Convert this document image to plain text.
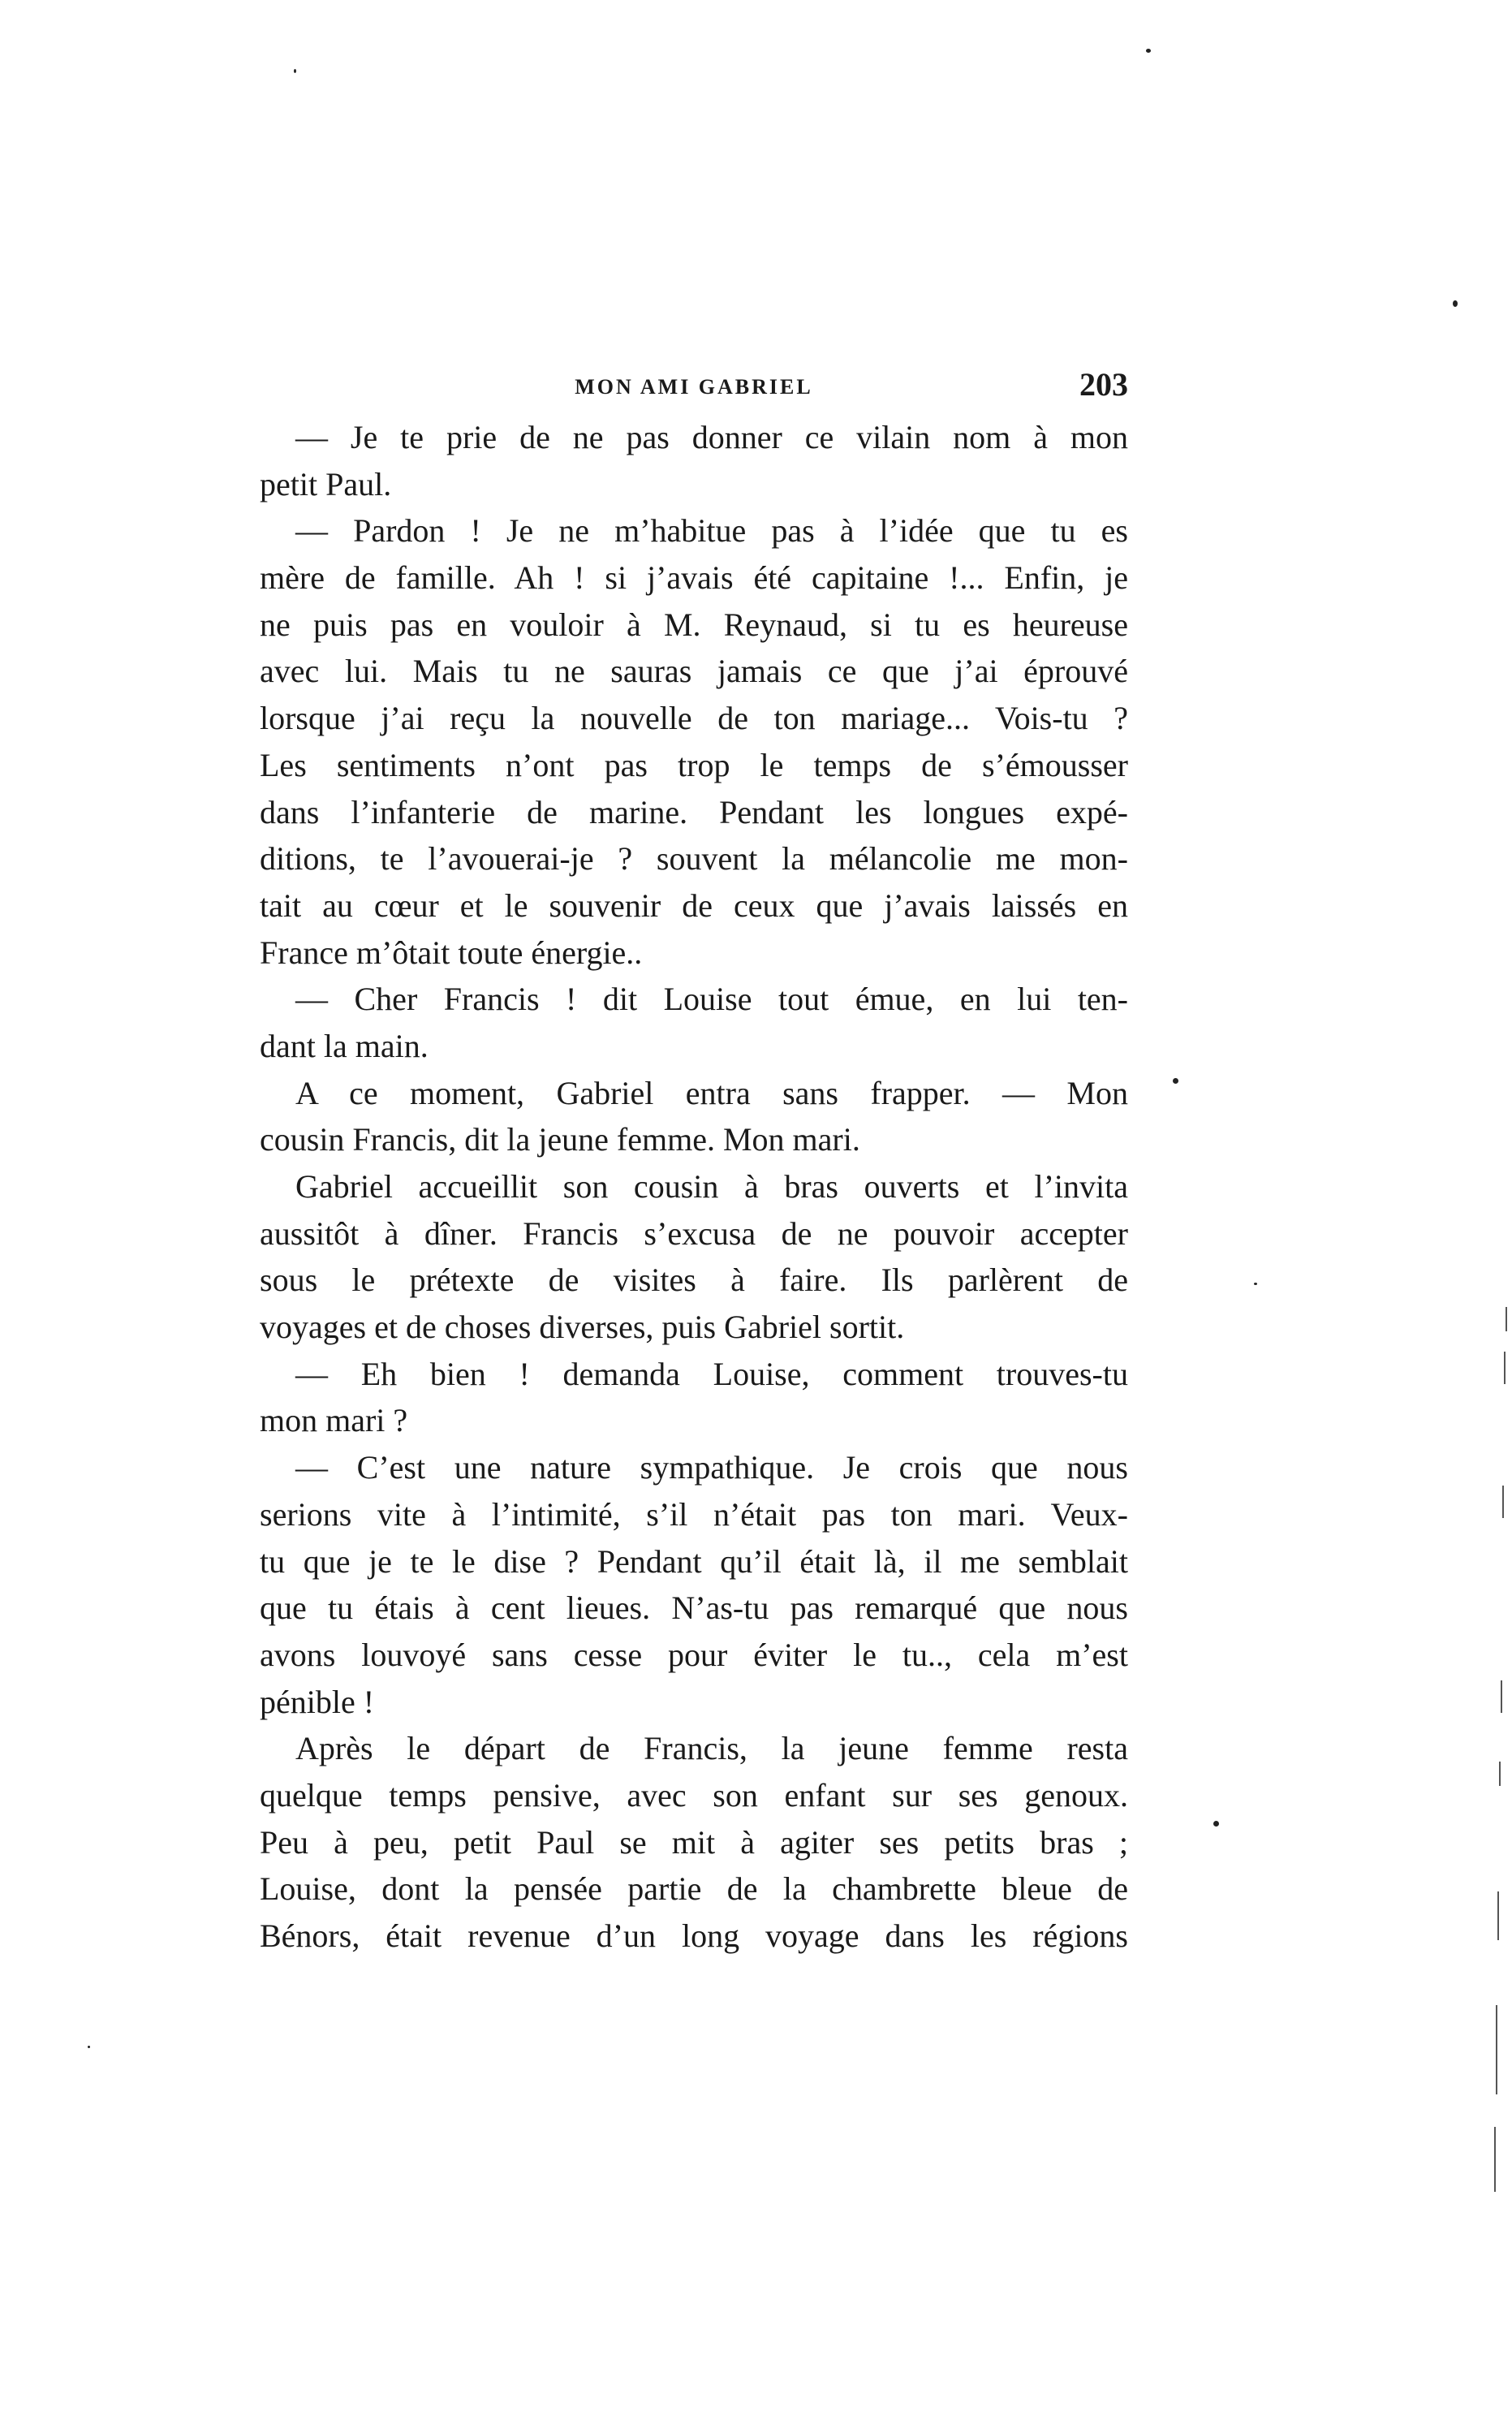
MON AMI GABRIEL	203
— Je te prie de ne pas donner ce vilain nom à mon
petit Paul.
— Pardon ! Je ne m’habitue pas à l’idée que tu es
mère de famille. Ah ! si j’avais été capitaine !... Enfin, je
ne puis pas en vouloir à M. Reynaud, si tu es heureuse
avec lui. Mais tu ne sauras jamais ce que j’ai éprouvé
lorsque j’ai reçu la nouvelle de ton mariage... Vois-tu ?
Les sentiments n’ont pas trop le temps de s’émousser
dans l’infanterie de marine. Pendant les longues expé-
ditions, te l’avouerai-je ? souvent la mélancolie me mon-
tait au cœur et le souvenir de ceux que j’avais laissés en
France m’ôtait toute énergie..
— Cher Francis ! dit Louise tout émue, en lui ten-
dant la main.
A ce moment, Gabriel entra sans frapper. — Mon
cousin Francis, dit la jeune femme. Mon mari.
Gabriel accueillit son cousin à bras ouverts et l’invita
aussitôt à dîner. Francis s’excusa de ne pouvoir accepter
sous le prétexte de visites à faire. Ils parlèrent de
voyages et de choses diverses, puis Gabriel sortit.
— Eh bien ! demanda Louise, comment trouves-tu
mon mari ?
— C’est une nature sympathique. Je crois que nous
serions vite à l’intimité, s’il n’était pas ton mari. Veux-
tu que je te le dise ? Pendant qu’il était là, il me semblait
que tu étais à cent lieues. N’as-tu pas remarqué que nous
avons louvoyé sans cesse pour éviter le tu.., cela m’est
pénible !
Après le départ de Francis, la jeune femme resta
quelque temps pensive, avec son enfant sur ses genoux.
Peu à peu, petit Paul se mit à agiter ses petits bras ;
Louise, dont la pensée partie de la chambrette bleue de
Bénors, était revenue d’un long voyage dans les régions
